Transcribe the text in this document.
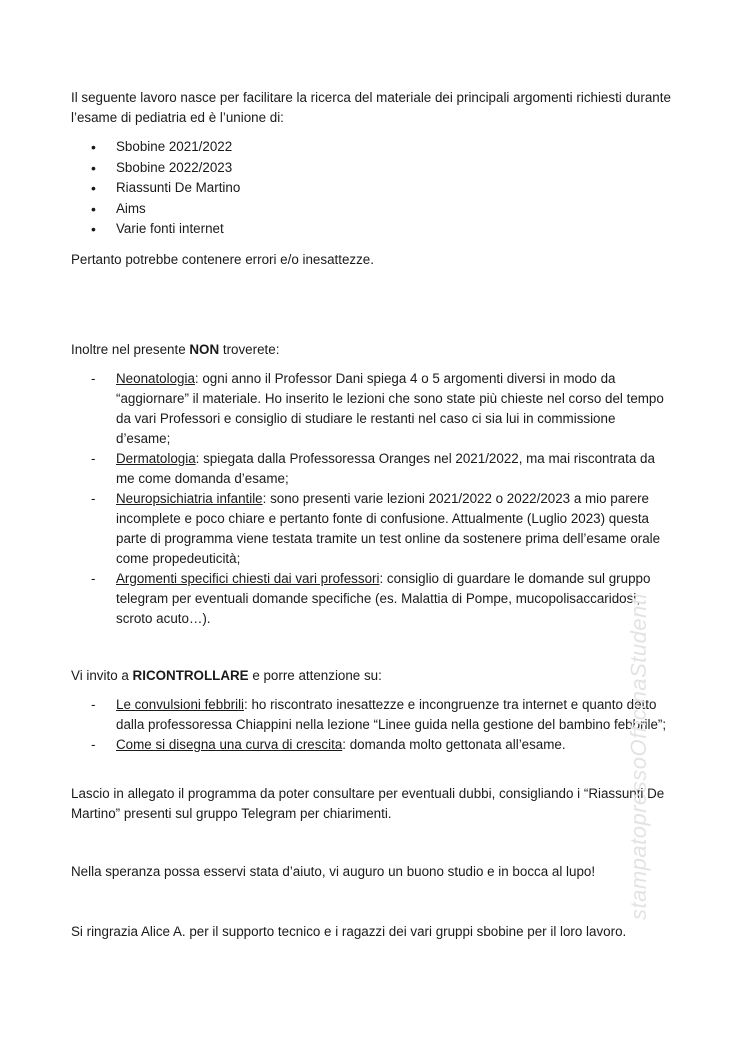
Il seguente lavoro nasce per facilitare la ricerca del materiale dei principali argomenti richiesti durante l’esame di pediatria ed è l’unione di:

• Sbobine 2021/2022
• Sbobine 2022/2023
• Riassunti De Martino
• Aims
• Varie fonti internet

Pertanto potrebbe contenere errori e/o inesattezze.

Inoltre nel presente NON troverete:

- Neonatologia: ogni anno il Professor Dani spiega 4 o 5 argomenti diversi in modo da “aggiornare” il materiale. Ho inserito le lezioni che sono state più chieste nel corso del tempo da vari Professori e consiglio di studiare le restanti nel caso ci sia lui in commissione d’esame;
- Dermatologia: spiegata dalla Professoressa Oranges nel 2021/2022, ma mai riscontrata da me come domanda d’esame;
- Neuropsichiatria infantile: sono presenti varie lezioni 2021/2022 o 2022/2023 a mio parere incomplete e poco chiare e pertanto fonte di confusione. Attualmente (Luglio 2023) questa parte di programma viene testata tramite un test online da sostenere prima dell’esame orale come propedeuticità;
- Argomenti specifici chiesti dai vari professori: consiglio di guardare le domande sul gruppo telegram per eventuali domande specifiche (es. Malattia di Pompe, mucopolisaccaridosi, scroto acuto…).

Vi invito a RICONTROLLARE e porre attenzione su:

- Le convulsioni febbrili: ho riscontrato inesattezze e incongruenze tra internet e quanto detto dalla professoressa Chiappini nella lezione “Linee guida nella gestione del bambino febbrile”;
- Come si disegna una curva di crescita: domanda molto gettonata all’esame.

Lascio in allegato il programma da poter consultare per eventuali dubbi, consigliando i “Riassunti De Martino” presenti sul gruppo Telegram per chiarimenti.

Nella speranza possa esservi stata d’aiuto, vi auguro un buono studio e in bocca al lupo!

Si ringrazia Alice A. per il supporto tecnico e i ragazzi dei vari gruppi sbobine per il loro lavoro.

stampatopressoOfficinaStudenti
